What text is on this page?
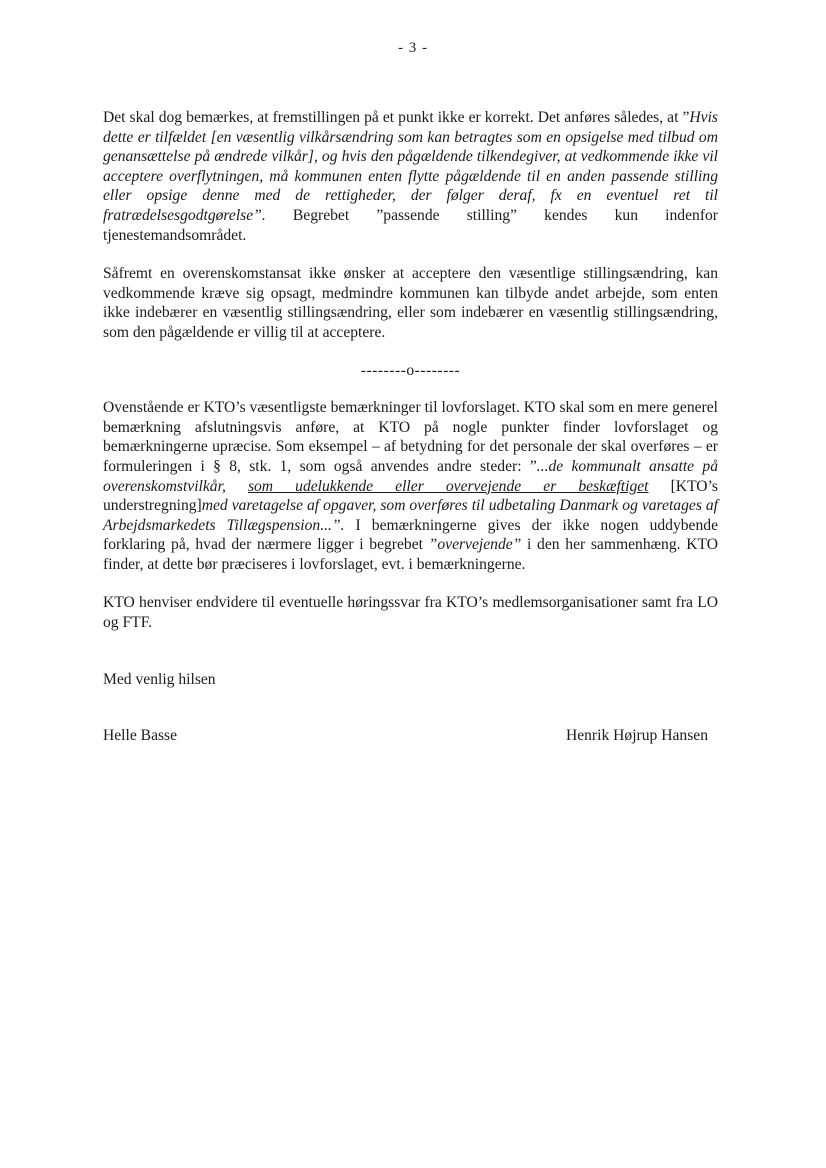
- 3 -

Det skal dog bemærkes, at fremstillingen på et punkt ikke er korrekt. Det anføres således, at ”Hvis dette er tilfældet [en væsentlig vilkårsændring som kan betragtes som en opsigelse med tilbud om genansættelse på ændrede vilkår], og hvis den pågældende tilkendegiver, at vedkommende ikke vil acceptere overflytningen, må kommunen enten flytte pågældende til en anden passende stilling eller opsige denne med de rettigheder, der følger deraf, fx en eventuel ret til fratrædelsesgodtgørelse”. Begrebet ”passende stilling” kendes kun indenfor tjenestemandsområdet.

Såfremt en overenskomstansat ikke ønsker at acceptere den væsentlige stillingsændring, kan vedkommende kræve sig opsagt, medmindre kommunen kan tilbyde andet arbejde, som enten ikke indebærer en væsentlig stillingsændring, eller som indebærer en væsentlig stillingsændring, som den pågældende er villig til at acceptere.

--------o--------

Ovenstående er KTO’s væsentligste bemærkninger til lovforslaget. KTO skal som en mere generel bemærkning afslutningsvis anføre, at KTO på nogle punkter finder lovforslaget og bemærkningerne upræcise. Som eksempel – af betydning for det personale der skal overføres – er formuleringen i § 8, stk. 1, som også anvendes andre steder: ”...de kommunalt ansatte på overenskomstvilkår, som udelukkende eller overvejende er beskæftiget [KTO’s understregning]med varetagelse af opgaver, som overføres til udbetaling Danmark og varetages af Arbejdsmarkedets Tillægspension...”. I bemærkningerne gives der ikke nogen uddybende forklaring på, hvad der nærmere ligger i begrebet ”overvejende” i den her sammenhæng. KTO finder, at dette bør præciseres i lovforslaget, evt. i bemærkningerne.

KTO henviser endvidere til eventuelle høringssvar fra KTO’s medlemsorganisationer samt fra LO og FTF.

Med venlig hilsen
Helle Basse	Henrik Højrup Hansen
